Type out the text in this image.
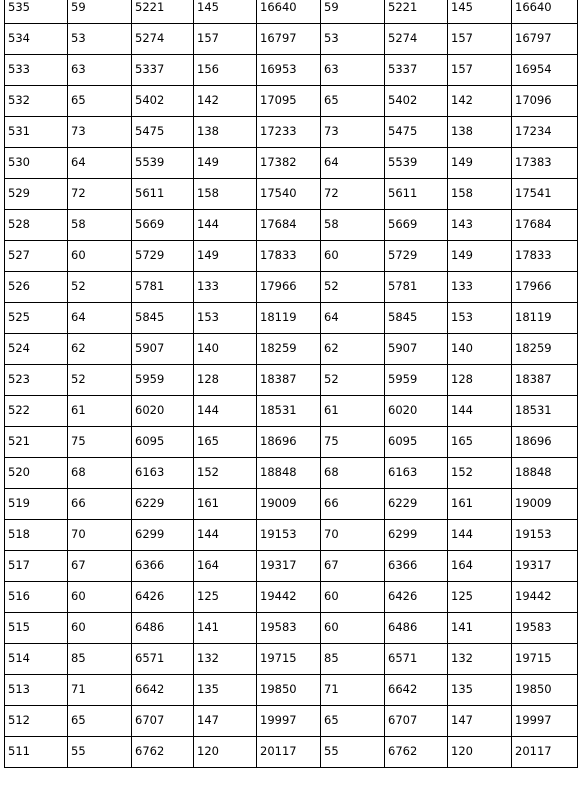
535	59	5221	145	16640	59	5221	145	16640
534	53	5274	157	16797	53	5274	157	16797
533	63	5337	156	16953	63	5337	157	16954
532	65	5402	142	17095	65	5402	142	17096
531	73	5475	138	17233	73	5475	138	17234
530	64	5539	149	17382	64	5539	149	17383
529	72	5611	158	17540	72	5611	158	17541
528	58	5669	144	17684	58	5669	143	17684
527	60	5729	149	17833	60	5729	149	17833
526	52	5781	133	17966	52	5781	133	17966
525	64	5845	153	18119	64	5845	153	18119
524	62	5907	140	18259	62	5907	140	18259
523	52	5959	128	18387	52	5959	128	18387
522	61	6020	144	18531	61	6020	144	18531
521	75	6095	165	18696	75	6095	165	18696
520	68	6163	152	18848	68	6163	152	18848
519	66	6229	161	19009	66	6229	161	19009
518	70	6299	144	19153	70	6299	144	19153
517	67	6366	164	19317	67	6366	164	19317
516	60	6426	125	19442	60	6426	125	19442
515	60	6486	141	19583	60	6486	141	19583
514	85	6571	132	19715	85	6571	132	19715
513	71	6642	135	19850	71	6642	135	19850
512	65	6707	147	19997	65	6707	147	19997
511	55	6762	120	20117	55	6762	120	20117
